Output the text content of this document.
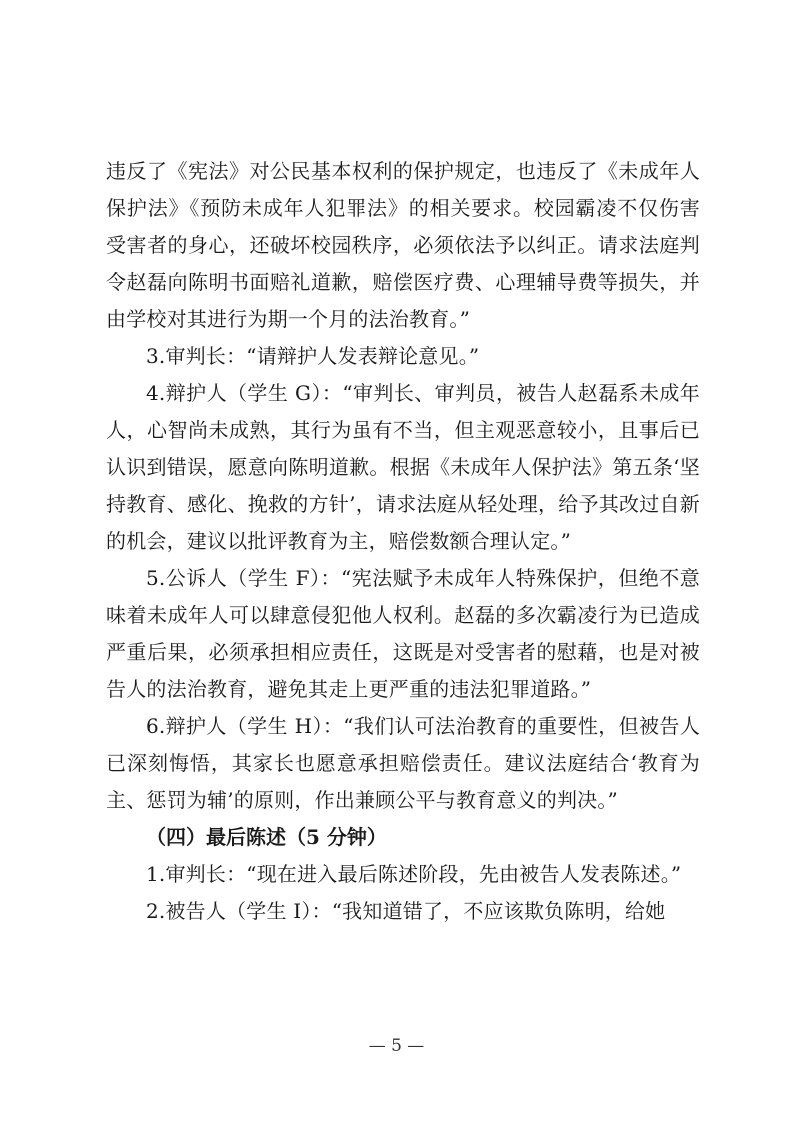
违反了《宪法》对公民基本权利的保护规定，也违反了《未成年人保护法》《预防未成年人犯罪法》的相关要求。校园霸凌不仅伤害受害者的身心，还破坏校园秩序，必须依法予以纠正。请求法庭判令赵磊向陈明书面赔礼道歉，赔偿医疗费、心理辅导费等损失，并由学校对其进行为期一个月的法治教育。”

3.审判长：“请辩护人发表辩论意见。”

4.辩护人（学生 G）：“审判长、审判员，被告人赵磊系未成年人，心智尚未成熟，其行为虽有不当，但主观恶意较小，且事后已认识到错误，愿意向陈明道歉。根据《未成年人保护法》第五条‘坚持教育、感化、挽救的方针’，请求法庭从轻处理，给予其改过自新的机会，建议以批评教育为主，赔偿数额合理认定。”

5.公诉人（学生 F）：“宪法赋予未成年人特殊保护，但绝不意味着未成年人可以肆意侵犯他人权利。赵磊的多次霸凌行为已造成严重后果，必须承担相应责任，这既是对受害者的慰藉，也是对被告人的法治教育，避免其走上更严重的违法犯罪道路。”

6.辩护人（学生 H）：“我们认可法治教育的重要性，但被告人已深刻悔悟，其家长也愿意承担赔偿责任。建议法庭结合‘教育为主、惩罚为辅’的原则，作出兼顾公平与教育意义的判决。”

（四）最后陈述（5 分钟）

1.审判长：“现在进入最后陈述阶段，先由被告人发表陈述。”

2.被告人（学生 I）：“我知道错了，不应该欺负陈明，给她

— 5 —
